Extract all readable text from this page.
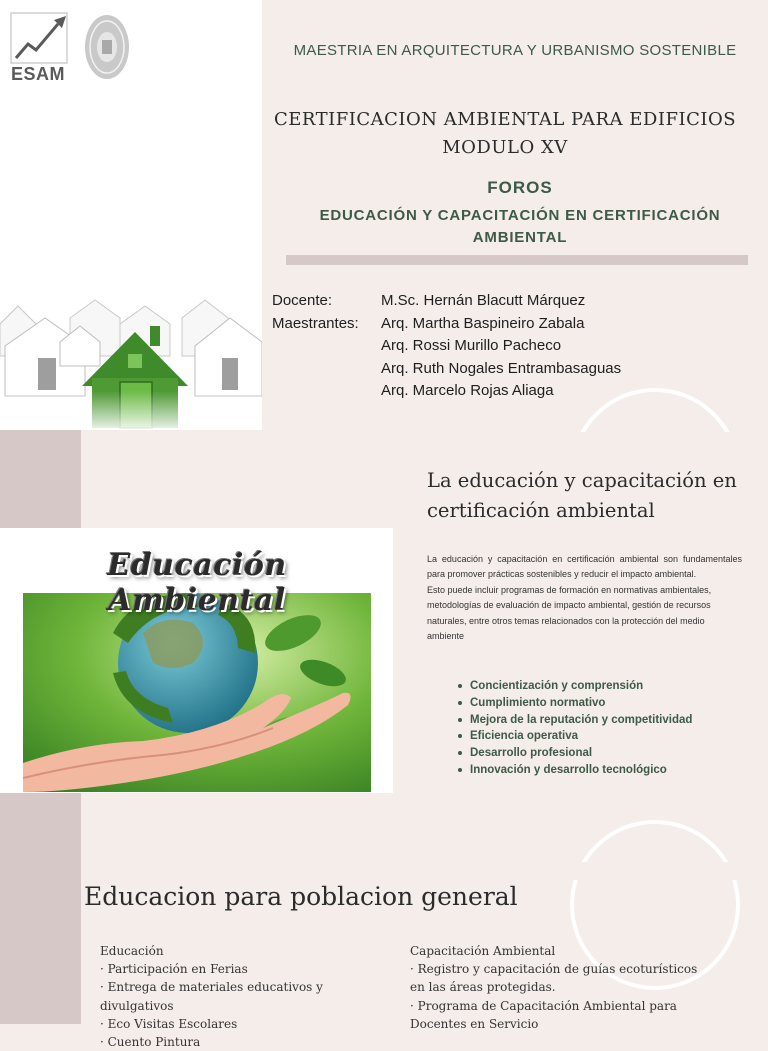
ESAM
MAESTRIA EN ARQUITECTURA Y URBANISMO SOSTENIBLE
CERTIFICACION AMBIENTAL PARA EDIFICIOS
MODULO XV
FOROS
EDUCACIÓN Y CAPACITACIÓN EN CERTIFICACIÓN AMBIENTAL
Docente:	M.Sc. Hernán Blacutt Márquez
Maestrantes:	Arq. Martha Baspineiro Zabala
Arq. Rossi Murillo Pacheco
Arq. Ruth Nogales Entrambasaguas
Arq. Marcelo Rojas Aliaga
La educación y capacitación en certificación ambiental
La educación y capacitación en certificación ambiental son fundamentales para promover prácticas sostenibles y reducir el impacto ambiental.
Esto puede incluir programas de formación en normativas ambientales, metodologías de evaluación de impacto ambiental, gestión de recursos naturales, entre otros temas relacionados con la protección del medio ambiente
Concientización y comprensión
Cumplimiento normativo
Mejora de la reputación y competitividad
Eficiencia operativa
Desarrollo profesional
Innovación y desarrollo tecnológico
Educación Ambiental
Educacion para poblacion general
Educación
· Participación en Ferias
· Entrega de materiales educativos y divulgativos
· Eco Visitas Escolares
· Cuento Pintura
Capacitación Ambiental
· Registro y capacitación de guías ecoturísticos en las áreas protegidas.
· Programa de Capacitación Ambiental para Docentes en Servicio
